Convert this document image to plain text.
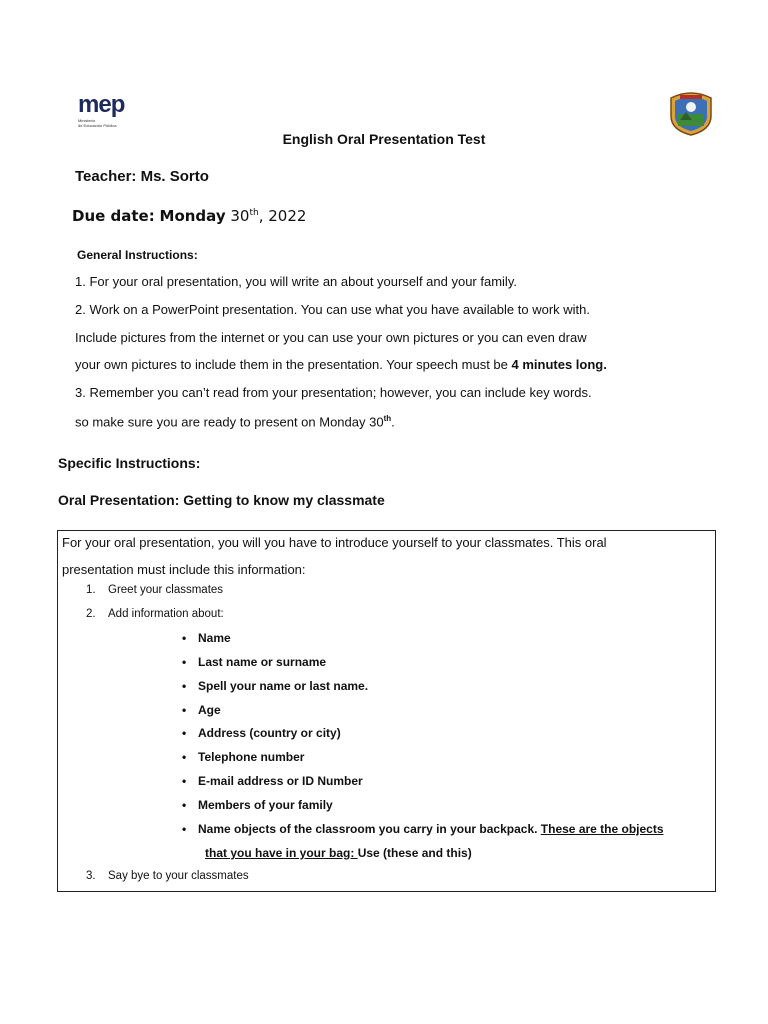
mep
Ministerio
de Educación Pública
English Oral Presentation Test
Teacher: Ms. Sorto
Due date: Monday 30th, 2022
General Instructions:
1. For your oral presentation, you will write an about yourself and your family.
2. Work on a PowerPoint presentation. You can use what you have available to work with.
Include pictures from the internet or you can use your own pictures or you can even draw
your own pictures to include them in the presentation. Your speech must be 4 minutes long.
3. Remember you can’t read from your presentation; however, you can include key words.
so make sure you are ready to present on Monday 30th.
Specific Instructions:
Oral Presentation: Getting to know my classmate
For your oral presentation, you will you have to introduce yourself to your classmates. This oral
presentation must include this information:
1. Greet your classmates
2. Add information about:
• Name
• Last name or surname
• Spell your name or last name.
• Age
• Address (country or city)
• Telephone number
• E-mail address or ID Number
• Members of your family
• Name objects of the classroom you carry in your backpack. These are the objects
that you have in your bag: Use (these and this)
3. Say bye to your classmates
